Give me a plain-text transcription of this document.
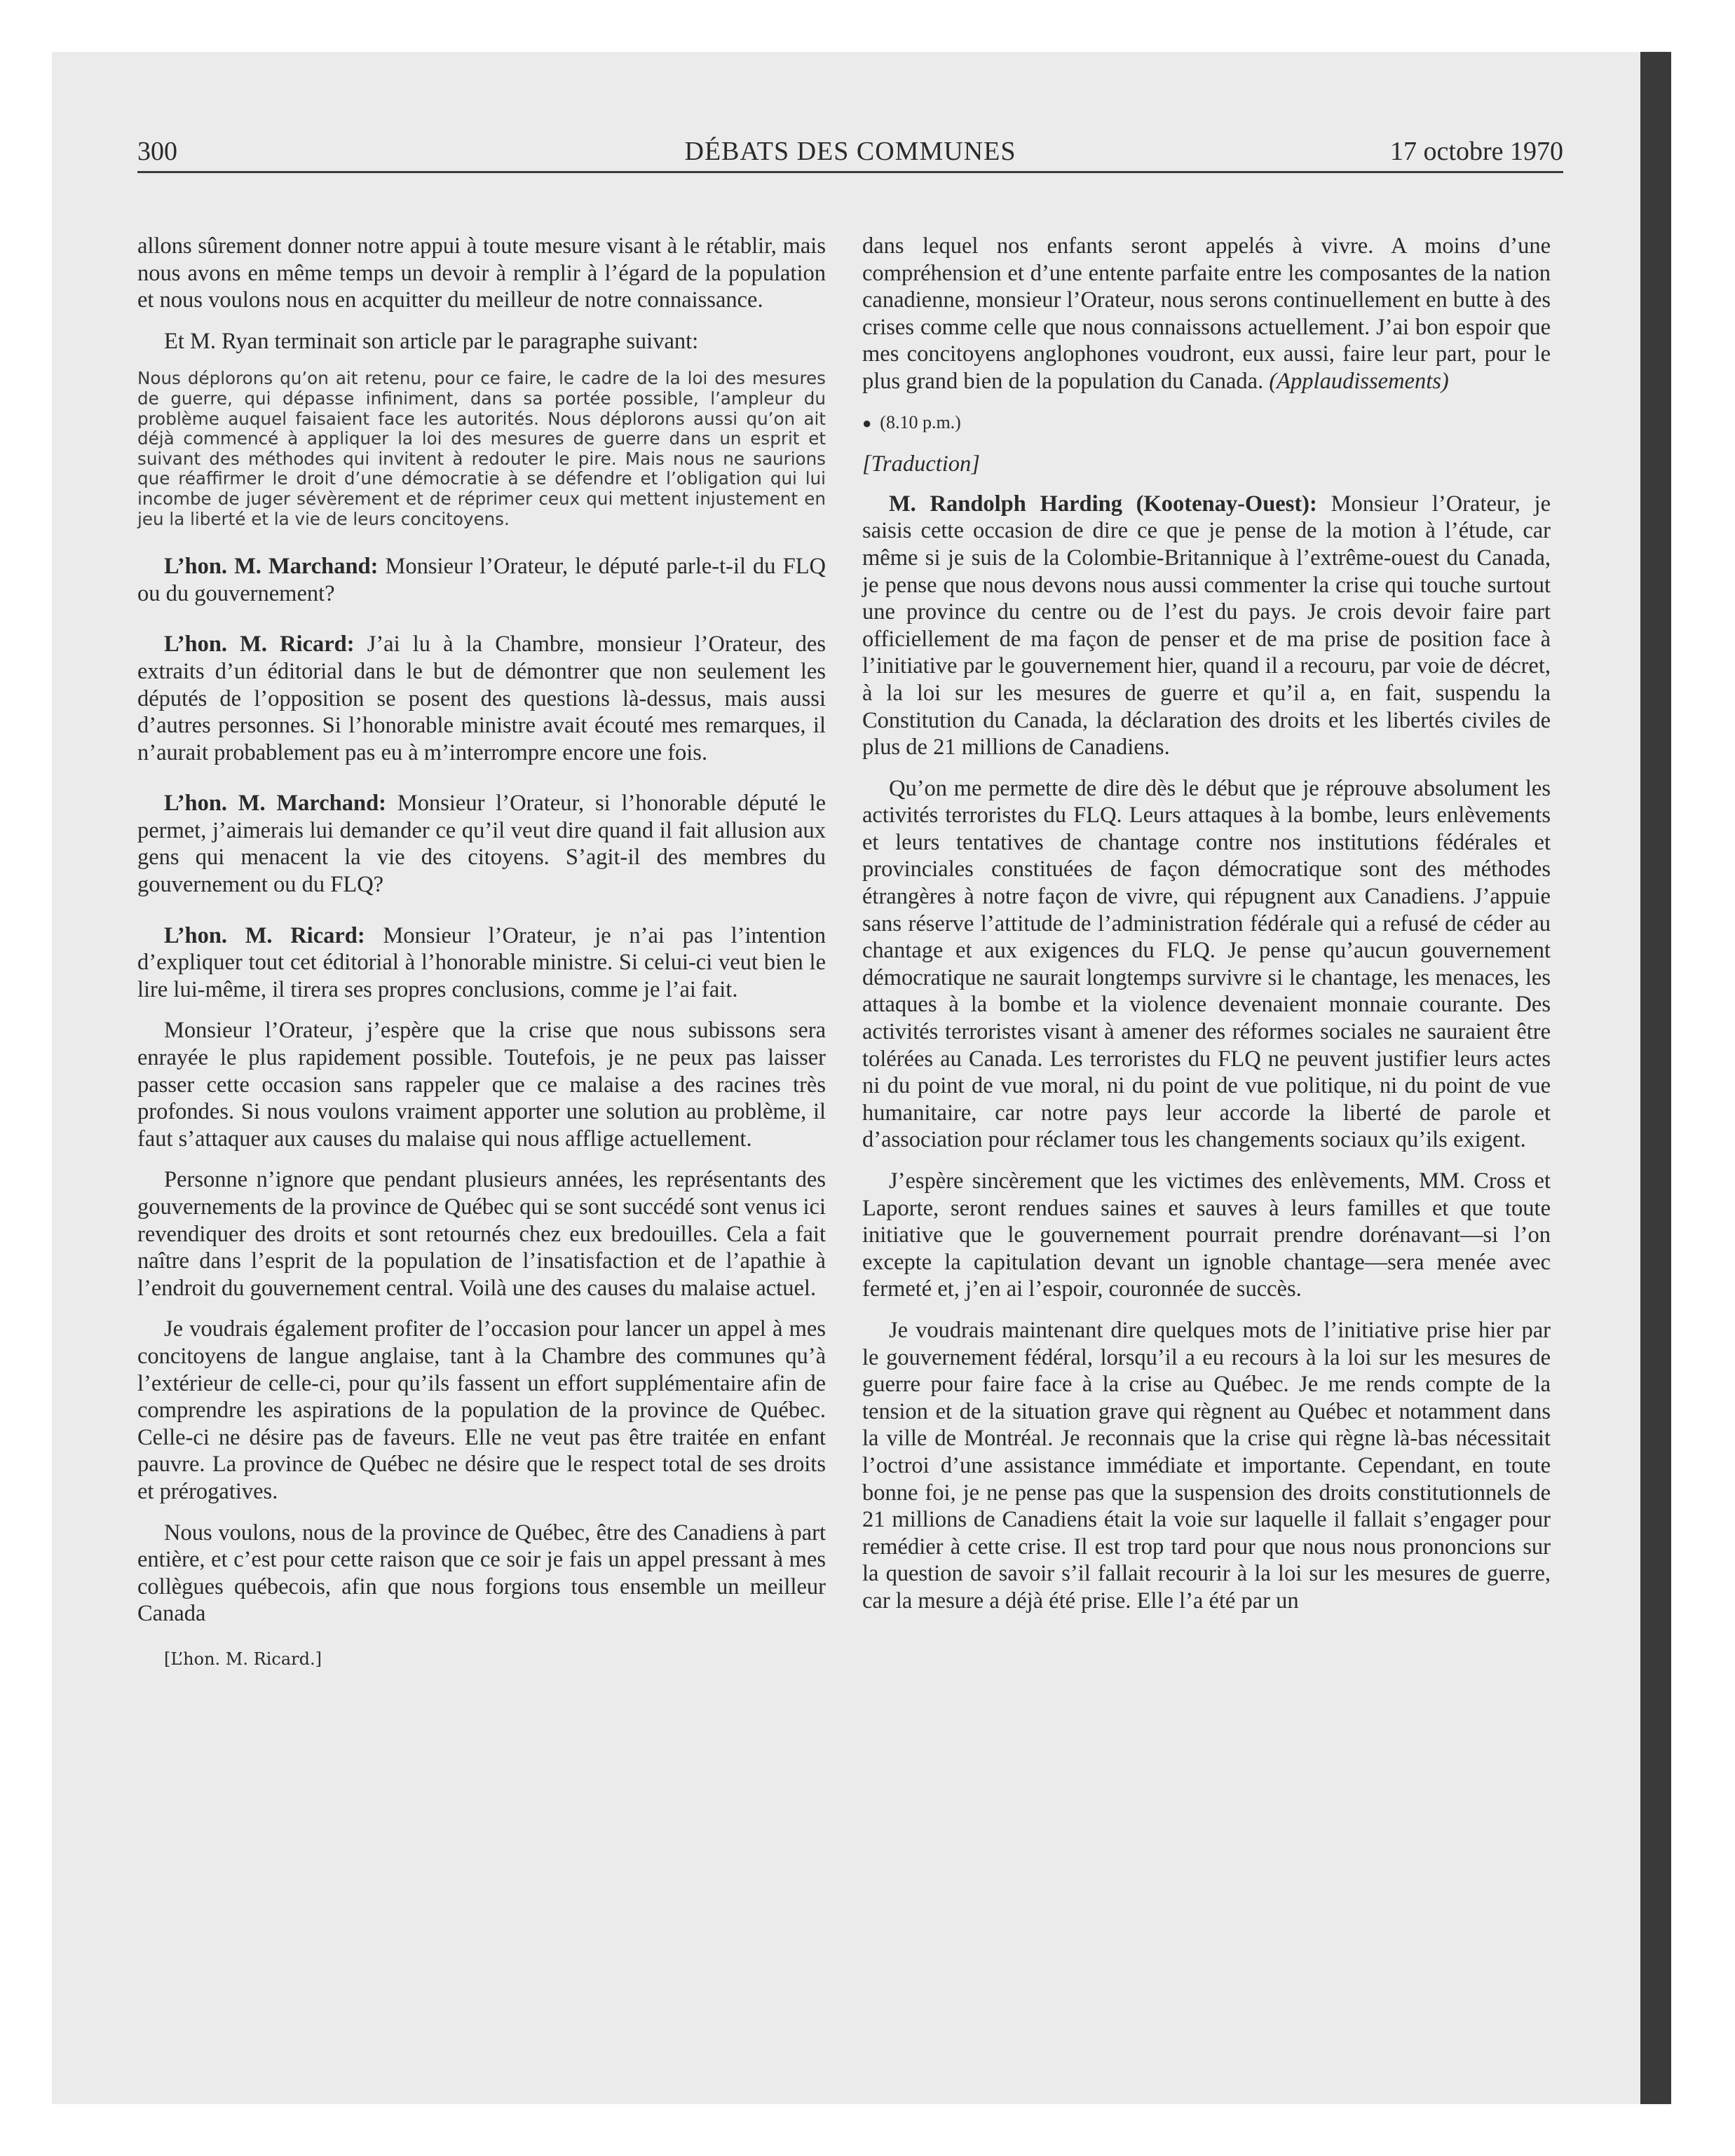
DÉBATS DES COMMUNES
300	17 octobre 1970

allons sûrement donner notre appui à toute mesure visant à le rétablir, mais nous avons en même temps un devoir à remplir à l’égard de la population et nous voulons nous en acquitter du meilleur de notre connaissance.

Et M. Ryan terminait son article par le paragraphe suivant:

Nous déplorons qu’on ait retenu, pour ce faire, le cadre de la loi des mesures de guerre, qui dépasse infiniment, dans sa portée possible, l’ampleur du problème auquel faisaient face les autorités. Nous déplorons aussi qu’on ait déjà commencé à appliquer la loi des mesures de guerre dans un esprit et suivant des méthodes qui invitent à redouter le pire. Mais nous ne saurions que réaffirmer le droit d’une démocratie à se défendre et l’obligation qui lui incombe de juger sévèrement et de réprimer ceux qui mettent injustement en jeu la liberté et la vie de leurs concitoyens.

L’hon. M. Marchand: Monsieur l’Orateur, le député parle-t-il du FLQ ou du gouvernement?

L’hon. M. Ricard: J’ai lu à la Chambre, monsieur l’Orateur, des extraits d’un éditorial dans le but de démontrer que non seulement les députés de l’opposition se posent des questions là-dessus, mais aussi d’autres personnes. Si l’honorable ministre avait écouté mes remarques, il n’aurait probablement pas eu à m’interrompre encore une fois.

L’hon. M. Marchand: Monsieur l’Orateur, si l’honorable député le permet, j’aimerais lui demander ce qu’il veut dire quand il fait allusion aux gens qui menacent la vie des citoyens. S’agit-il des membres du gouvernement ou du FLQ?

L’hon. M. Ricard: Monsieur l’Orateur, je n’ai pas l’intention d’expliquer tout cet éditorial à l’honorable ministre. Si celui-ci veut bien le lire lui-même, il tirera ses propres conclusions, comme je l’ai fait.

Monsieur l’Orateur, j’espère que la crise que nous subissons sera enrayée le plus rapidement possible. Toutefois, je ne peux pas laisser passer cette occasion sans rappeler que ce malaise a des racines très profondes. Si nous voulons vraiment apporter une solution au problème, il faut s’attaquer aux causes du malaise qui nous afflige actuellement.

Personne n’ignore que pendant plusieurs années, les représentants des gouvernements de la province de Québec qui se sont succédé sont venus ici revendiquer des droits et sont retournés chez eux bredouilles. Cela a fait naître dans l’esprit de la population de l’insatisfaction et de l’apathie à l’endroit du gouvernement central. Voilà une des causes du malaise actuel.

Je voudrais également profiter de l’occasion pour lancer un appel à mes concitoyens de langue anglaise, tant à la Chambre des communes qu’à l’extérieur de celle-ci, pour qu’ils fassent un effort supplémentaire afin de comprendre les aspirations de la population de la province de Québec. Celle-ci ne désire pas de faveurs. Elle ne veut pas être traitée en enfant pauvre. La province de Québec ne désire que le respect total de ses droits et prérogatives.

Nous voulons, nous de la province de Québec, être des Canadiens à part entière, et c’est pour cette raison que ce soir je fais un appel pressant à mes collègues québecois, afin que nous forgions tous ensemble un meilleur Canada

[L’hon. M. Ricard.]

dans lequel nos enfants seront appelés à vivre. A moins d’une compréhension et d’une entente parfaite entre les composantes de la nation canadienne, monsieur l’Orateur, nous serons continuellement en butte à des crises comme celle que nous connaissons actuellement. J’ai bon espoir que mes concitoyens anglophones voudront, eux aussi, faire leur part, pour le plus grand bien de la population du Canada. (Applaudissements)

● (8.10 p.m.)

[Traduction]

M. Randolph Harding (Kootenay-Ouest): Monsieur l’Orateur, je saisis cette occasion de dire ce que je pense de la motion à l’étude, car même si je suis de la Colombie-Britannique à l’extrême-ouest du Canada, je pense que nous devons nous aussi commenter la crise qui touche surtout une province du centre ou de l’est du pays. Je crois devoir faire part officiellement de ma façon de penser et de ma prise de position face à l’initiative par le gouvernement hier, quand il a recouru, par voie de décret, à la loi sur les mesures de guerre et qu’il a, en fait, suspendu la Constitution du Canada, la déclaration des droits et les libertés civiles de plus de 21 millions de Canadiens.

Qu’on me permette de dire dès le début que je réprouve absolument les activités terroristes du FLQ. Leurs attaques à la bombe, leurs enlèvements et leurs tentatives de chantage contre nos institutions fédérales et provinciales constituées de façon démocratique sont des méthodes étrangères à notre façon de vivre, qui répugnent aux Canadiens. J’appuie sans réserve l’attitude de l’administration fédérale qui a refusé de céder au chantage et aux exigences du FLQ. Je pense qu’aucun gouvernement démocratique ne saurait longtemps survivre si le chantage, les menaces, les attaques à la bombe et la violence devenaient monnaie courante. Des activités terroristes visant à amener des réformes sociales ne sauraient être tolérées au Canada. Les terroristes du FLQ ne peuvent justifier leurs actes ni du point de vue moral, ni du point de vue politique, ni du point de vue humanitaire, car notre pays leur accorde la liberté de parole et d’association pour réclamer tous les changements sociaux qu’ils exigent.

J’espère sincèrement que les victimes des enlèvements, MM. Cross et Laporte, seront rendues saines et sauves à leurs familles et que toute initiative que le gouvernement pourrait prendre dorénavant—si l’on excepte la capitulation devant un ignoble chantage—sera menée avec fermeté et, j’en ai l’espoir, couronnée de succès.

Je voudrais maintenant dire quelques mots de l’initiative prise hier par le gouvernement fédéral, lorsqu’il a eu recours à la loi sur les mesures de guerre pour faire face à la crise au Québec. Je me rends compte de la tension et de la situation grave qui règnent au Québec et notamment dans la ville de Montréal. Je reconnais que la crise qui règne là-bas nécessitait l’octroi d’une assistance immédiate et importante. Cependant, en toute bonne foi, je ne pense pas que la suspension des droits constitutionnels de 21 millions de Canadiens était la voie sur laquelle il fallait s’engager pour remédier à cette crise. Il est trop tard pour que nous nous prononcions sur la question de savoir s’il fallait recourir à la loi sur les mesures de guerre, car la mesure a déjà été prise. Elle l’a été par un
